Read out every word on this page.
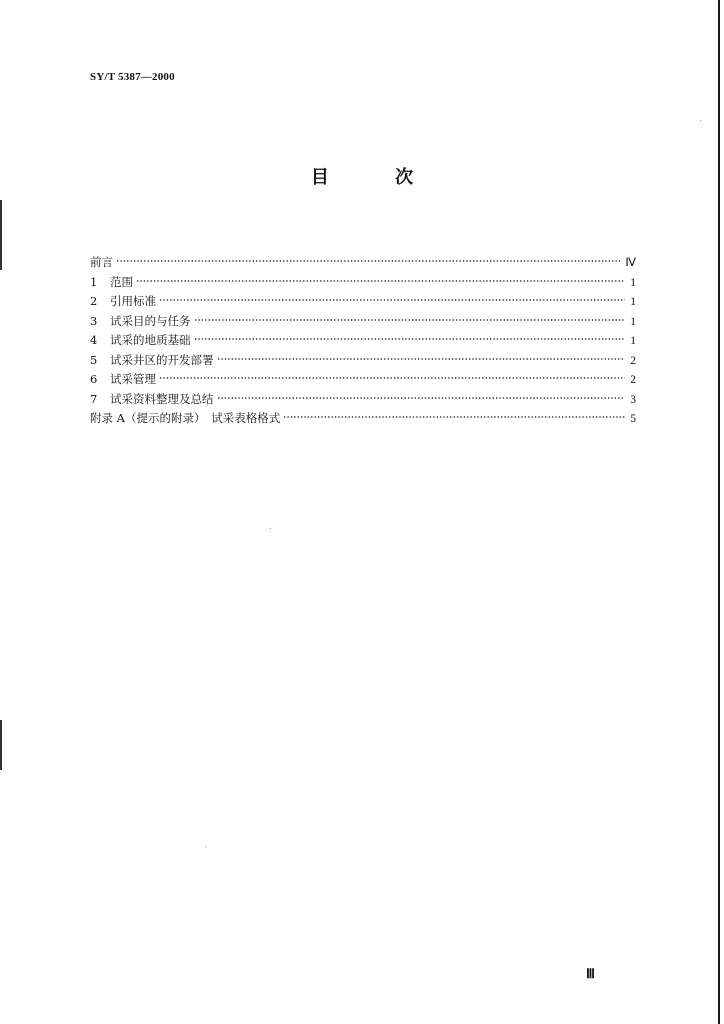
SY/T 5387—2000
目 次
前言	Ⅳ
1	范围	1
2	引用标准	1
3	试采目的与任务	1
4	试采的地质基础	1
5	试采井区的开发部署	2
6	试采管理	2
7	试采资料整理及总结	3
附录 A（提示的附录）　试采表格格式	5
Ⅲ
